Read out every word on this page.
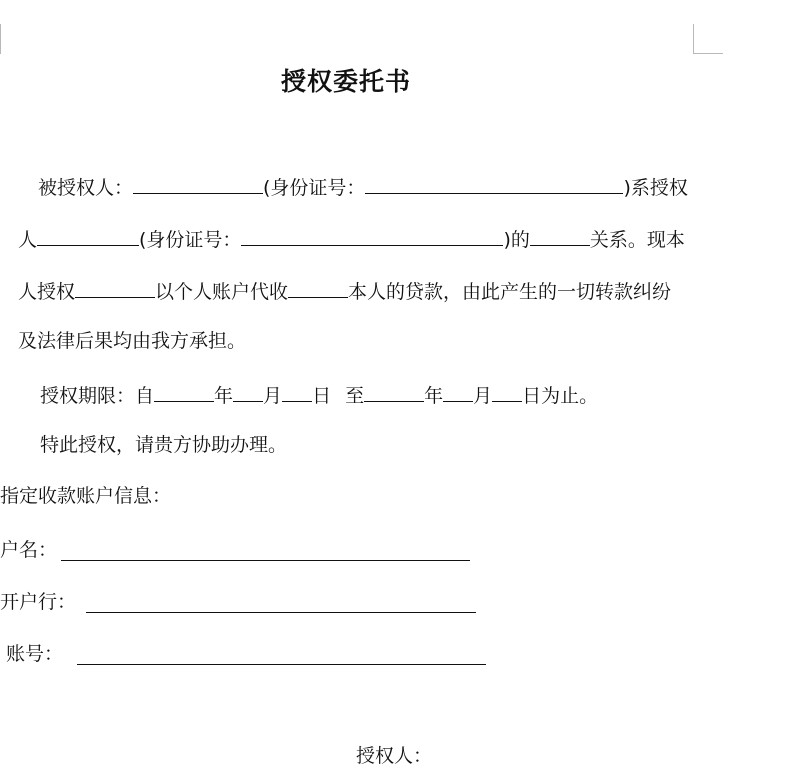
授权委托书
被授权人：	(身份证号：	)系授权
人	(身份证号：	)的	关系。现本
人授权	以个人账户代收	本人的贷款，由此产生的一切转款纠纷
及法律后果均由我方承担。
授权期限：自	年 月 日 至	年 月 日为止。
特此授权，请贵方协助办理。
指定收款账户信息：
户名：
开户行：
账号：
授权人：
